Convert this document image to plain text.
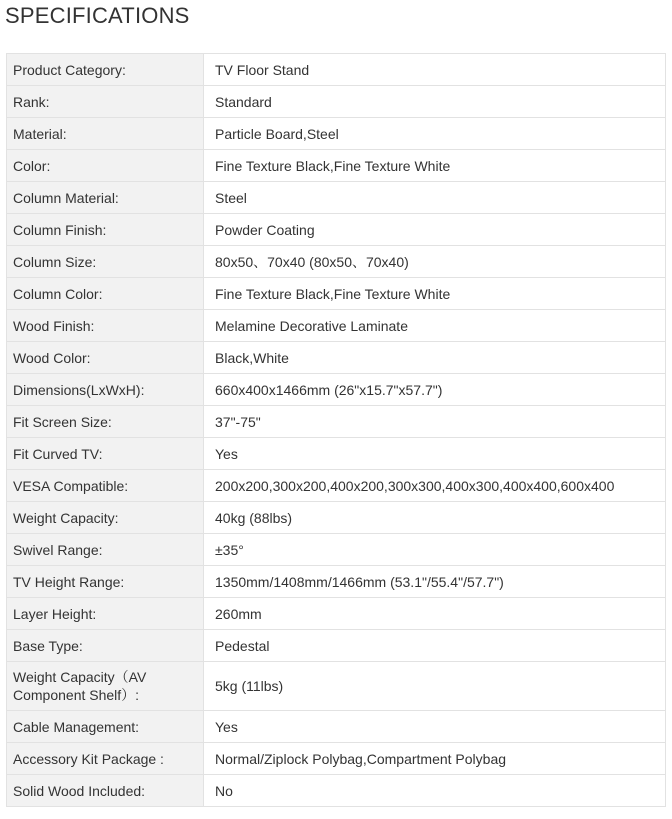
SPECIFICATIONS
Product Category:	TV Floor Stand
Rank:	Standard
Material:	Particle Board,Steel
Color:	Fine Texture Black,Fine Texture White
Column Material:	Steel
Column Finish:	Powder Coating
Column Size:	80x50、70x40 (80x50、70x40)
Column Color:	Fine Texture Black,Fine Texture White
Wood Finish:	Melamine Decorative Laminate
Wood Color:	Black,White
Dimensions(LxWxH):	660x400x1466mm (26"x15.7"x57.7")
Fit Screen Size:	37"-75"
Fit Curved TV:	Yes
VESA Compatible:	200x200,300x200,400x200,300x300,400x300,400x400,600x400
Weight Capacity:	40kg (88lbs)
Swivel Range:	±35°
TV Height Range:	1350mm/1408mm/1466mm (53.1"/55.4"/57.7")
Layer Height:	260mm
Base Type:	Pedestal
Weight Capacity（AV Component Shelf）:	5kg (11lbs)
Cable Management:	Yes
Accessory Kit Package :	Normal/Ziplock Polybag,Compartment Polybag
Solid Wood Included:	No
